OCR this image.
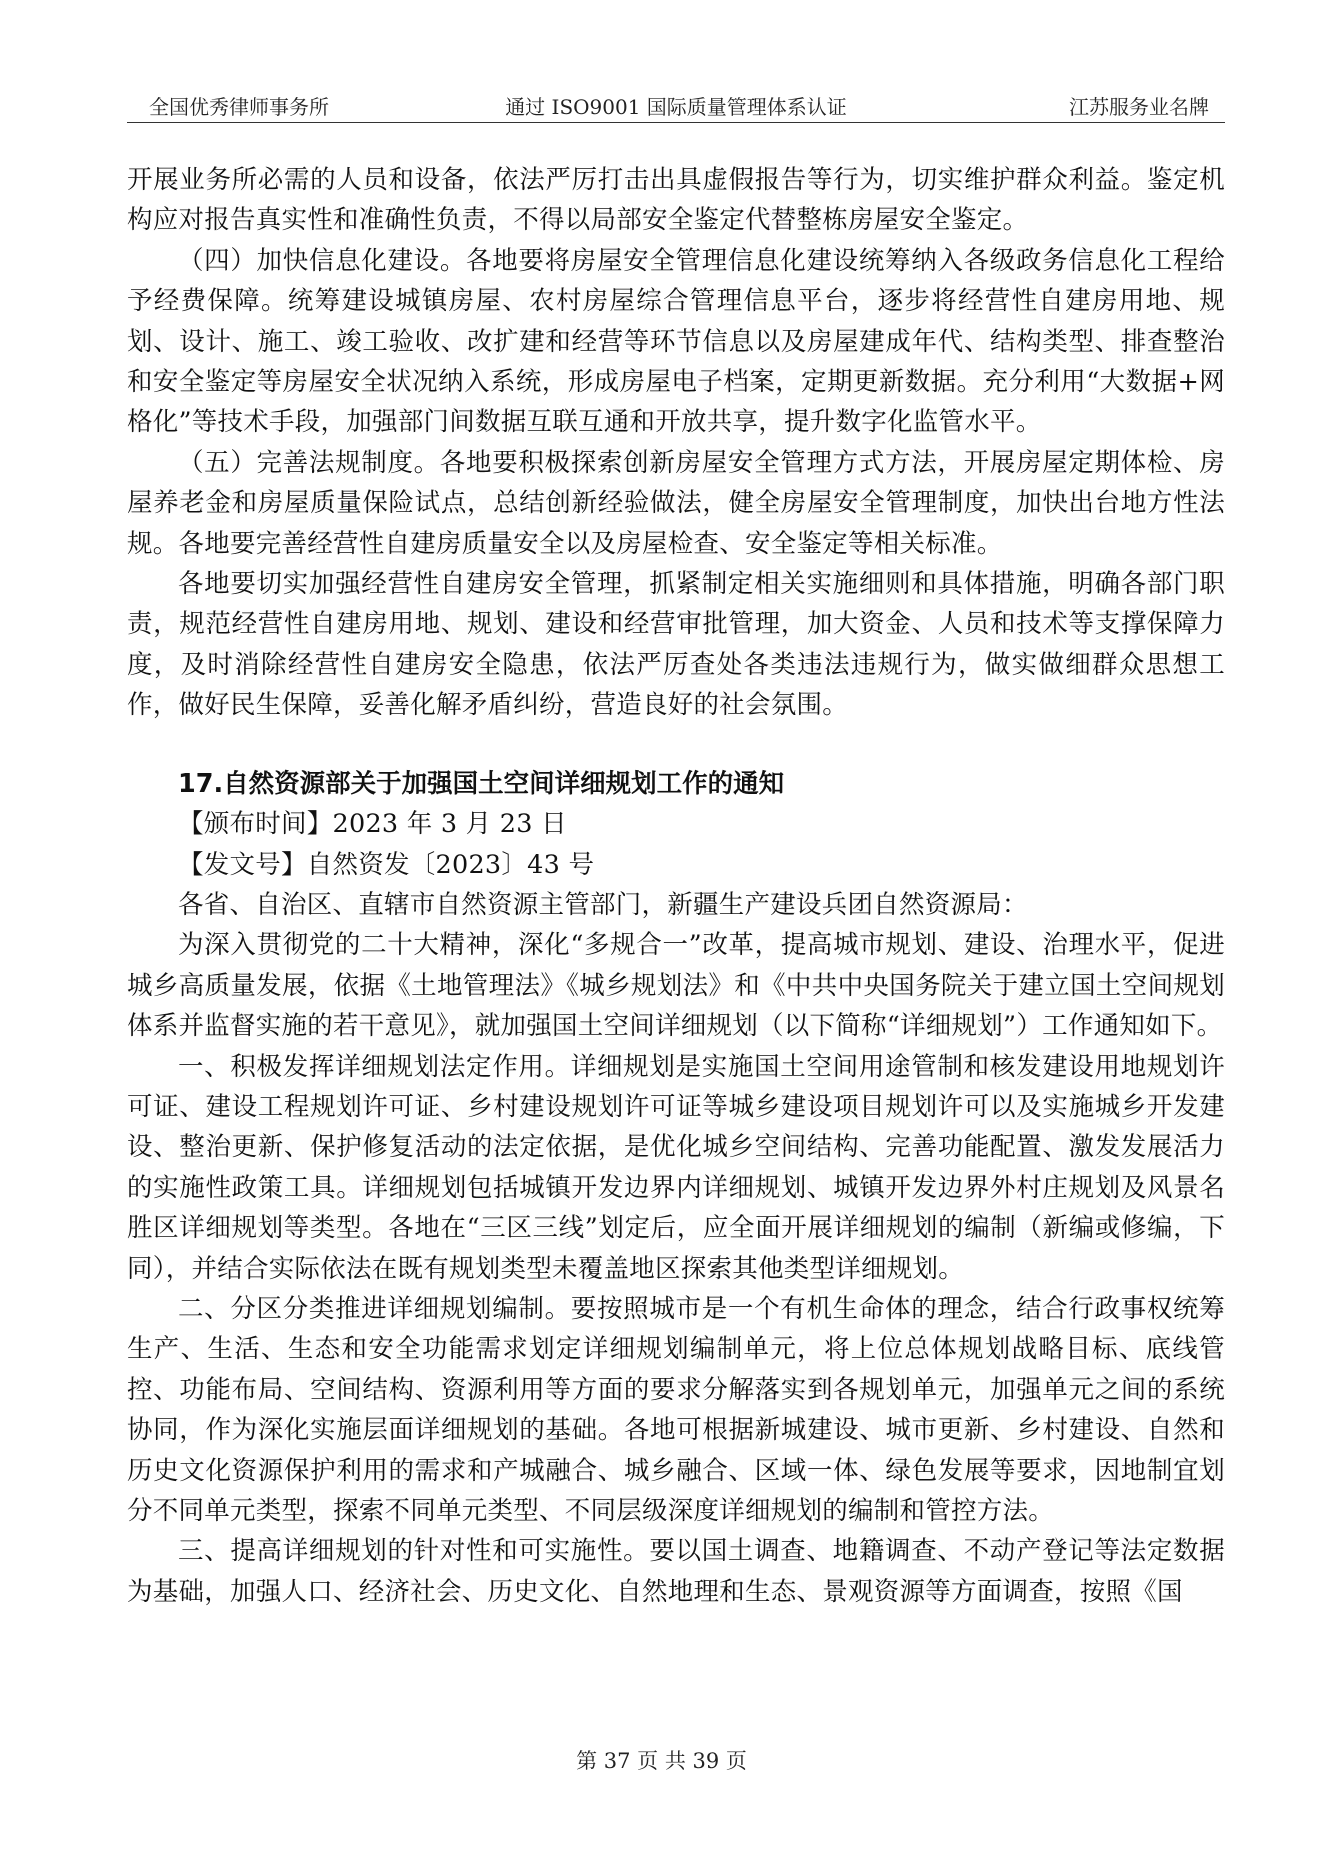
全国优秀律师事务所	通过 ISO9001 国际质量管理体系认证	江苏服务业名牌

开展业务所必需的人员和设备，依法严厉打击出具虚假报告等行为，切实维护群众利益。鉴定机构应对报告真实性和准确性负责，不得以局部安全鉴定代替整栋房屋安全鉴定。

（四）加快信息化建设。各地要将房屋安全管理信息化建设统筹纳入各级政务信息化工程给予经费保障。统筹建设城镇房屋、农村房屋综合管理信息平台，逐步将经营性自建房用地、规划、设计、施工、竣工验收、改扩建和经营等环节信息以及房屋建成年代、结构类型、排查整治和安全鉴定等房屋安全状况纳入系统，形成房屋电子档案，定期更新数据。充分利用“大数据+网格化”等技术手段，加强部门间数据互联互通和开放共享，提升数字化监管水平。

（五）完善法规制度。各地要积极探索创新房屋安全管理方式方法，开展房屋定期体检、房屋养老金和房屋质量保险试点，总结创新经验做法，健全房屋安全管理制度，加快出台地方性法规。各地要完善经营性自建房质量安全以及房屋检查、安全鉴定等相关标准。

各地要切实加强经营性自建房安全管理，抓紧制定相关实施细则和具体措施，明确各部门职责，规范经营性自建房用地、规划、建设和经营审批管理，加大资金、人员和技术等支撑保障力度，及时消除经营性自建房安全隐患，依法严厉查处各类违法违规行为，做实做细群众思想工作，做好民生保障，妥善化解矛盾纠纷，营造良好的社会氛围。

17.自然资源部关于加强国土空间详细规划工作的通知

【颁布时间】2023 年 3 月 23 日

【发文号】自然资发〔2023〕43 号

各省、自治区、直辖市自然资源主管部门，新疆生产建设兵团自然资源局：

为深入贯彻党的二十大精神，深化“多规合一”改革，提高城市规划、建设、治理水平，促进城乡高质量发展，依据《土地管理法》《城乡规划法》和《中共中央国务院关于建立国土空间规划体系并监督实施的若干意见》，就加强国土空间详细规划（以下简称“详细规划”）工作通知如下。

一、积极发挥详细规划法定作用。详细规划是实施国土空间用途管制和核发建设用地规划许可证、建设工程规划许可证、乡村建设规划许可证等城乡建设项目规划许可以及实施城乡开发建设、整治更新、保护修复活动的法定依据，是优化城乡空间结构、完善功能配置、激发发展活力的实施性政策工具。详细规划包括城镇开发边界内详细规划、城镇开发边界外村庄规划及风景名胜区详细规划等类型。各地在“三区三线”划定后，应全面开展详细规划的编制（新编或修编，下同），并结合实际依法在既有规划类型未覆盖地区探索其他类型详细规划。

二、分区分类推进详细规划编制。要按照城市是一个有机生命体的理念，结合行政事权统筹生产、生活、生态和安全功能需求划定详细规划编制单元，将上位总体规划战略目标、底线管控、功能布局、空间结构、资源利用等方面的要求分解落实到各规划单元，加强单元之间的系统协同，作为深化实施层面详细规划的基础。各地可根据新城建设、城市更新、乡村建设、自然和历史文化资源保护利用的需求和产城融合、城乡融合、区域一体、绿色发展等要求，因地制宜划分不同单元类型，探索不同单元类型、不同层级深度详细规划的编制和管控方法。

三、提高详细规划的针对性和可实施性。要以国土调查、地籍调查、不动产登记等法定数据为基础，加强人口、经济社会、历史文化、自然地理和生态、景观资源等方面调查，按照《国

第 37 页 共 39 页
